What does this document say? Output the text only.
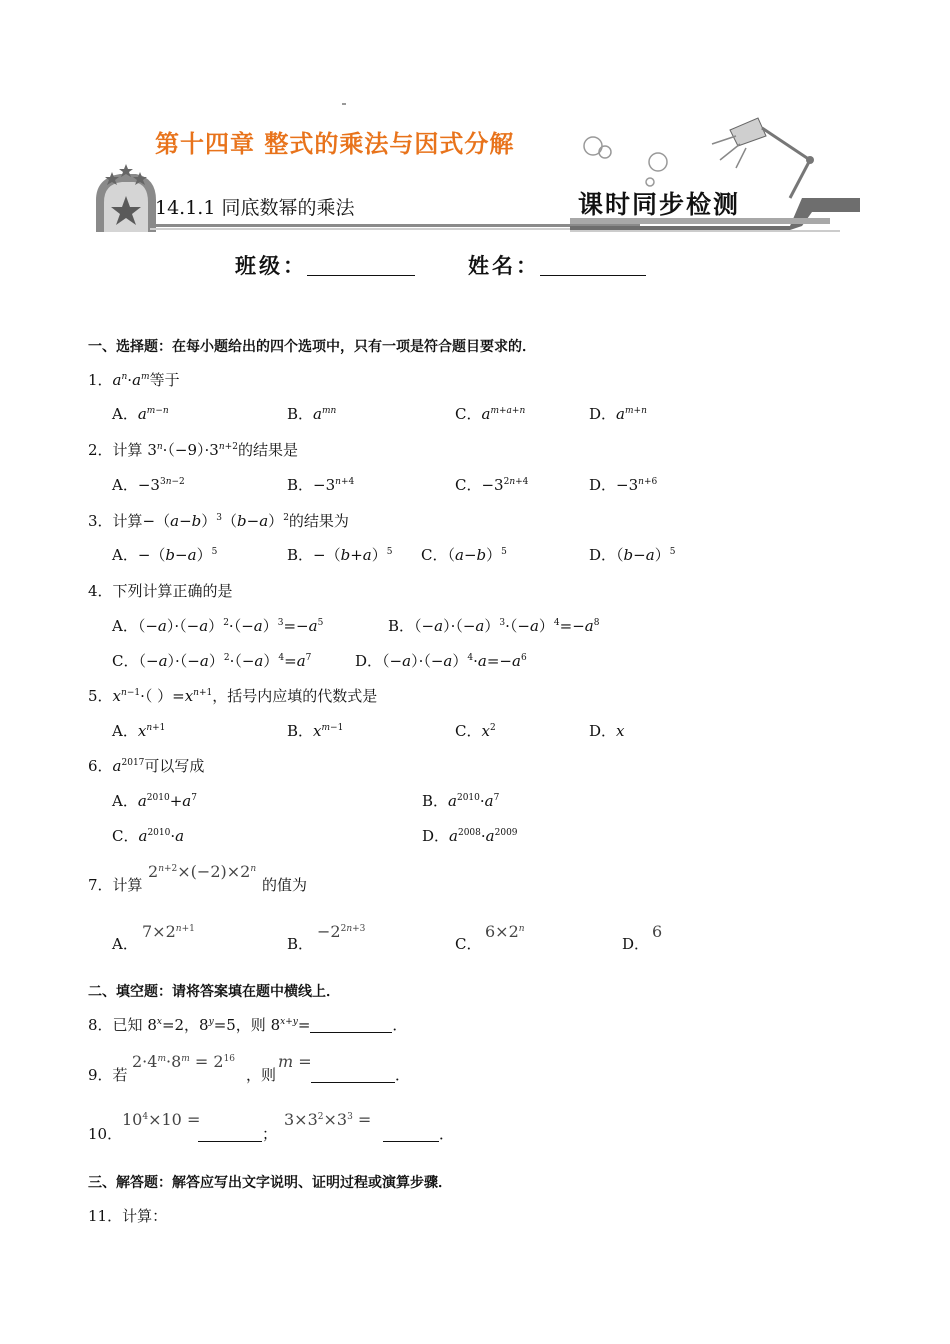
第十四章 整式的乘法与因式分解
14.1.1 同底数幂的乘法	课时同步检测
班级：	姓名：
一、选择题：在每小题给出的四个选项中，只有一项是符合题目要求的．
1．$a^n\cdot a^m$等于
A．$a^{m-n}$	B．$a^{mn}$	C．$a^{m+a+n}$	D．$a^{m+n}$
2．计算 $3^n\cdot(-9)\cdot 3^{n+2}$的结果是
A．$-3^{3n-2}$	B．$-3^{n+4}$	C．$-3^{2n+4}$	D．$-3^{n+6}$
3．计算$-(a-b)^3(b-a)^2$的结果为
A．$-(b-a)^5$	B．$-(b+a)^5$ C．$(a-b)^5$	D．$(b-a)^5$
4．下列计算正确的是
A．$(-a)\cdot(-a)^2\cdot(-a)^3=-a^5$	B．$(-a)\cdot(-a)^3\cdot(-a)^4=-a^8$
C．$(-a)\cdot(-a)^2\cdot(-a)^4=a^7$	D．$(-a)\cdot(-a)^4\cdot a=-a^6$
5．$x^{n-1}\cdot$（ ）$=x^{n+1}$，括号内应填的代数式是
A．$x^{n+1}$	B．$x^{m-1}$	C．$x^2$	D．x
6．$a^{2017}$可以写成
A．$a^{2010}+a^7$	B．$a^{2010}\cdot a^7$
C．$a^{2010}\cdot a$	D．$a^{2008}\cdot a^{2009}$
7．计算
$2^{n+2}\times(-2)\times 2^n$
的值为
A．
$7\times 2^{n+1}$
B．
$-2^{2n+3}$
C．
$6\times 2^n$
D．
6
二、填空题：请将答案填在题中横线上．
8．已知 $8^x=2$，$8^y=5$，则 $8^{x+y}=$	．
9．若
$2\cdot 4^m\cdot 8^m = 2^{16}$
，则
m =
．
10．
$10^4\times 10$ =
；
$3\times 3^2\times 3^3$ =
．
三、解答题：解答应写出文字说明、证明过程或演算步骤．
11．计算：
